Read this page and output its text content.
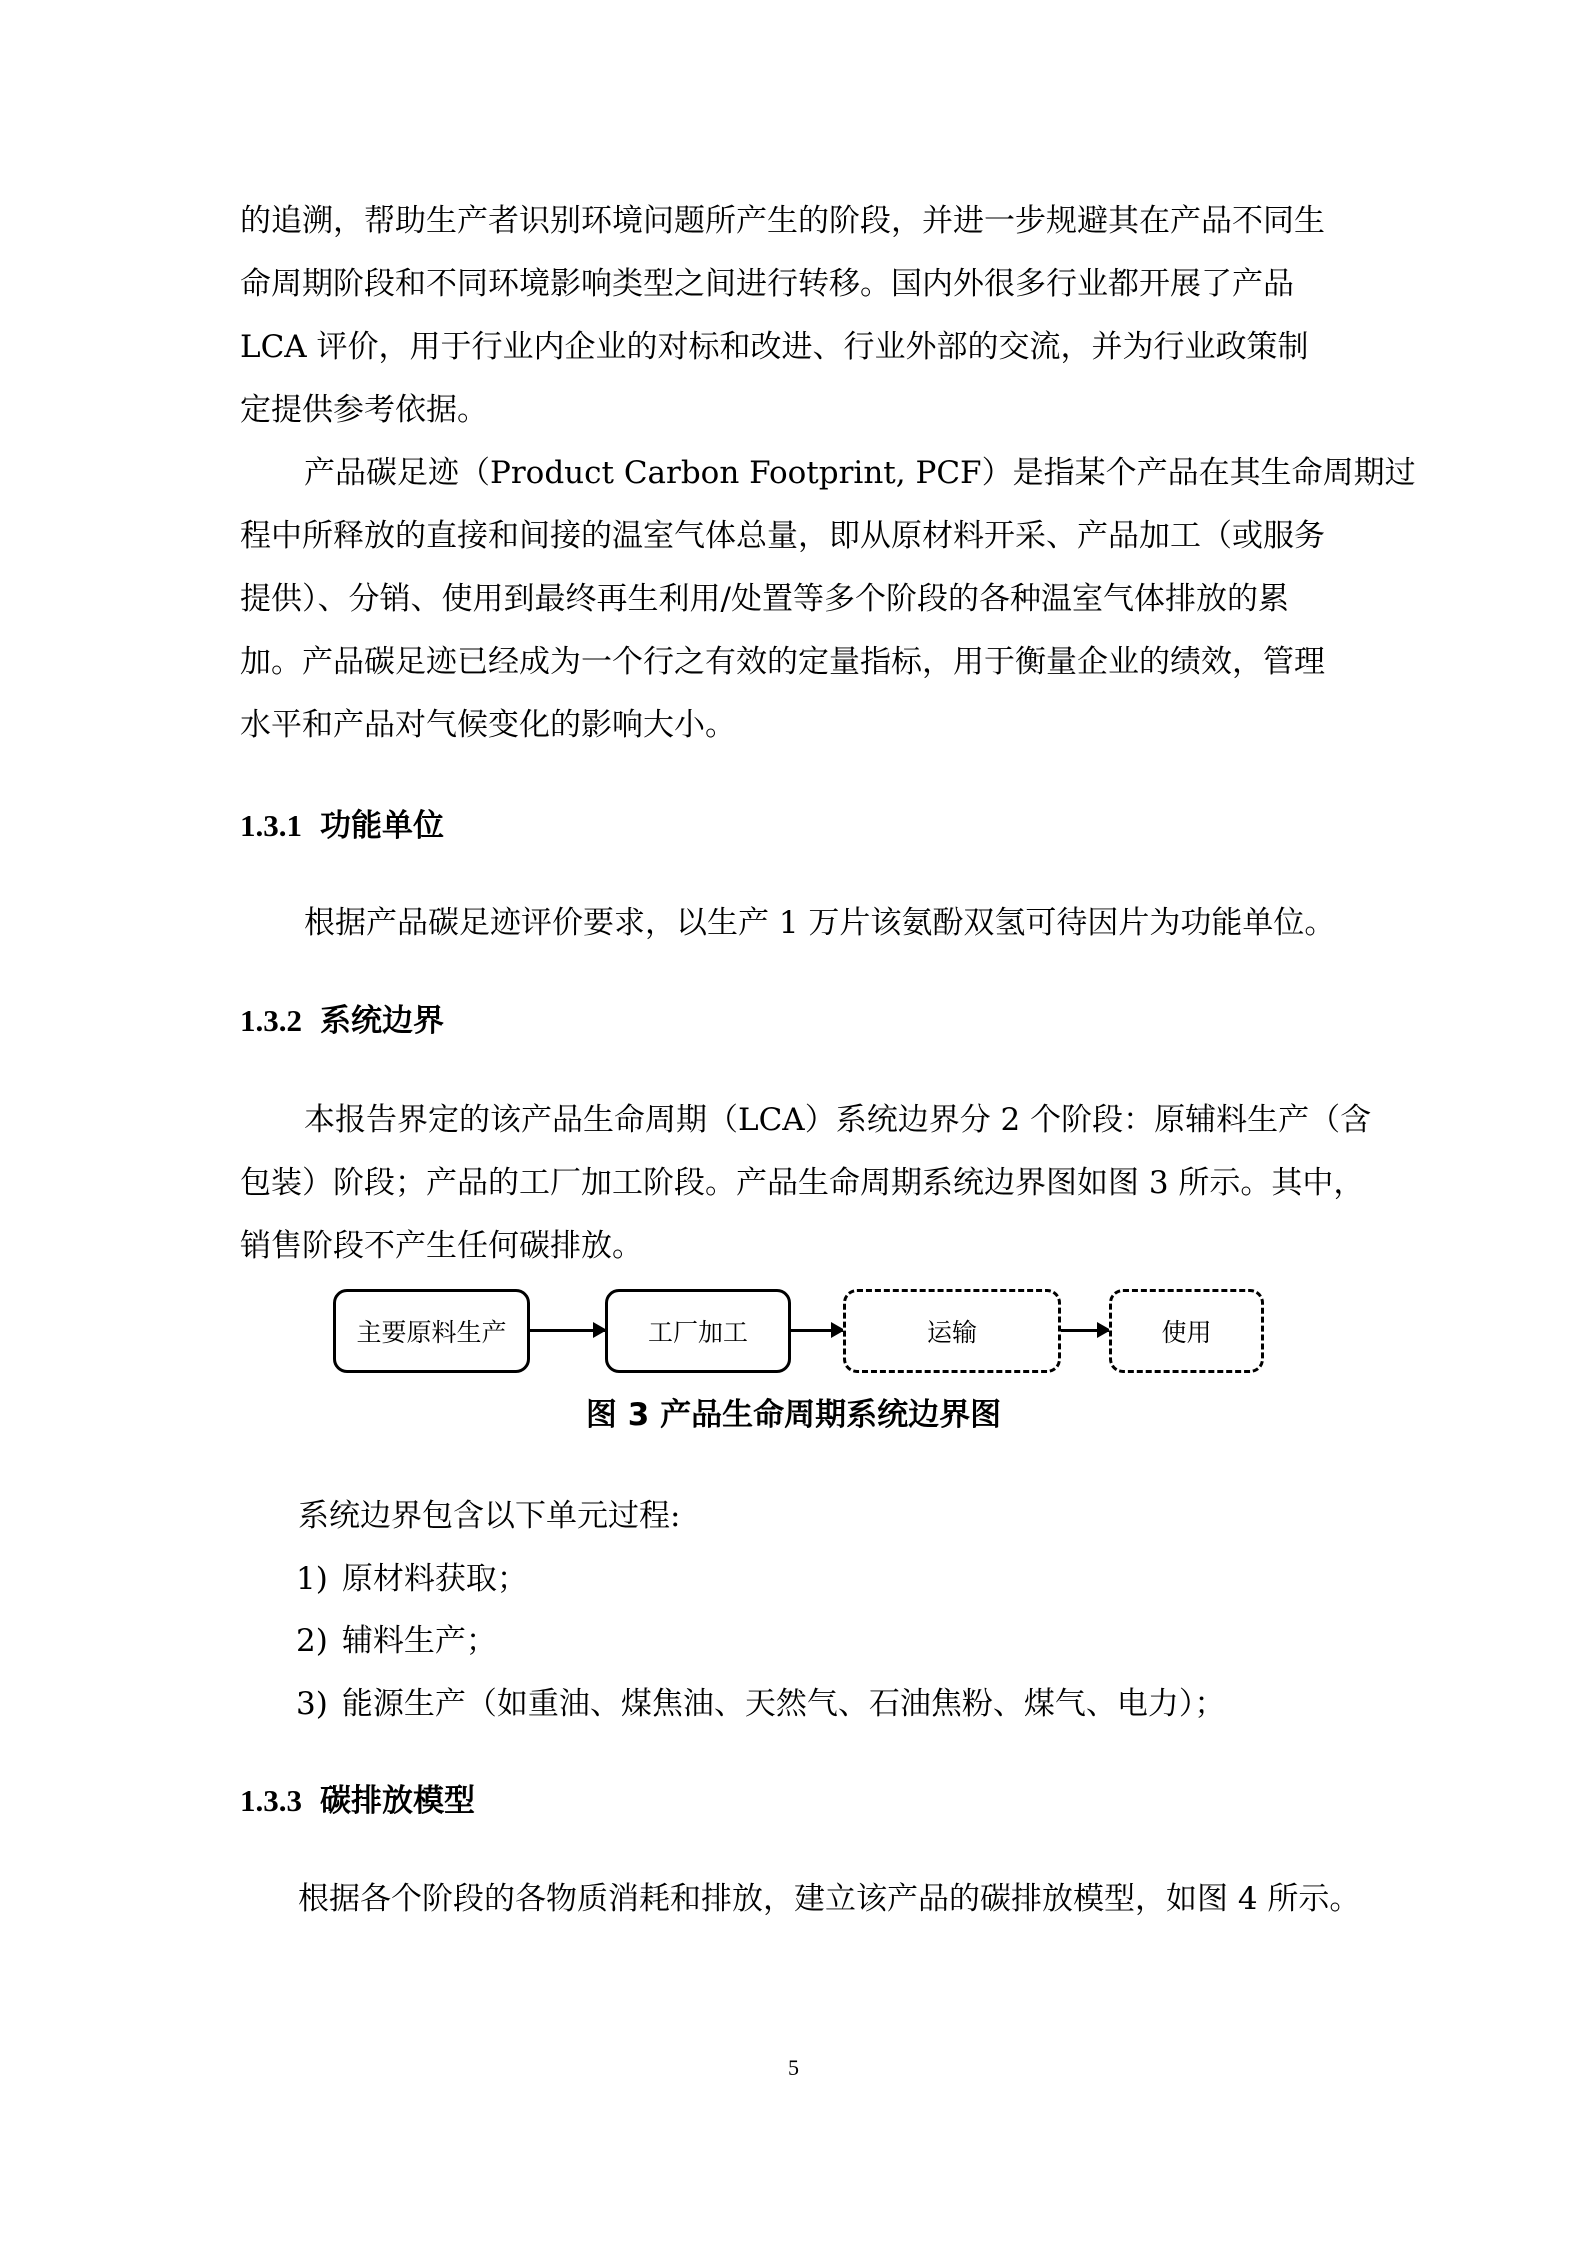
的追溯，帮助生产者识别环境问题所产生的阶段，并进一步规避其在产品不同生
命周期阶段和不同环境影响类型之间进行转移。国内外很多行业都开展了产品
LCA 评价，用于行业内企业的对标和改进、行业外部的交流，并为行业政策制
定提供参考依据。
产品碳足迹（Product Carbon Footprint, PCF）是指某个产品在其生命周期过
程中所释放的直接和间接的温室气体总量，即从原材料开采、产品加工（或服务
提供）、分销、使用到最终再生利用/处置等多个阶段的各种温室气体排放的累
加。产品碳足迹已经成为一个行之有效的定量指标，用于衡量企业的绩效，管理
水平和产品对气候变化的影响大小。
1.3.1 功能单位

根据产品碳足迹评价要求，以生产 1 万片该氨酚双氢可待因片为功能单位。

1.3.2 系统边界
本报告界定的该产品生命周期（LCA）系统边界分 2 个阶段：原辅料生产（含
包装）阶段；产品的工厂加工阶段。产品生命周期系统边界图如图 3 所示。其中，
销售阶段不产生任何碳排放。
主要原料生产	工厂加工	运输	使用
图 3 产品生命周期系统边界图

系统边界包含以下单元过程:

1) 原材料获取；

2) 辅料生产；

3) 能源生产（如重油、煤焦油、天然气、石油焦粉、煤气、电力）；

1.3.3 碳排放模型

根据各个阶段的各物质消耗和排放，建立该产品的碳排放模型，如图 4 所示。

5
